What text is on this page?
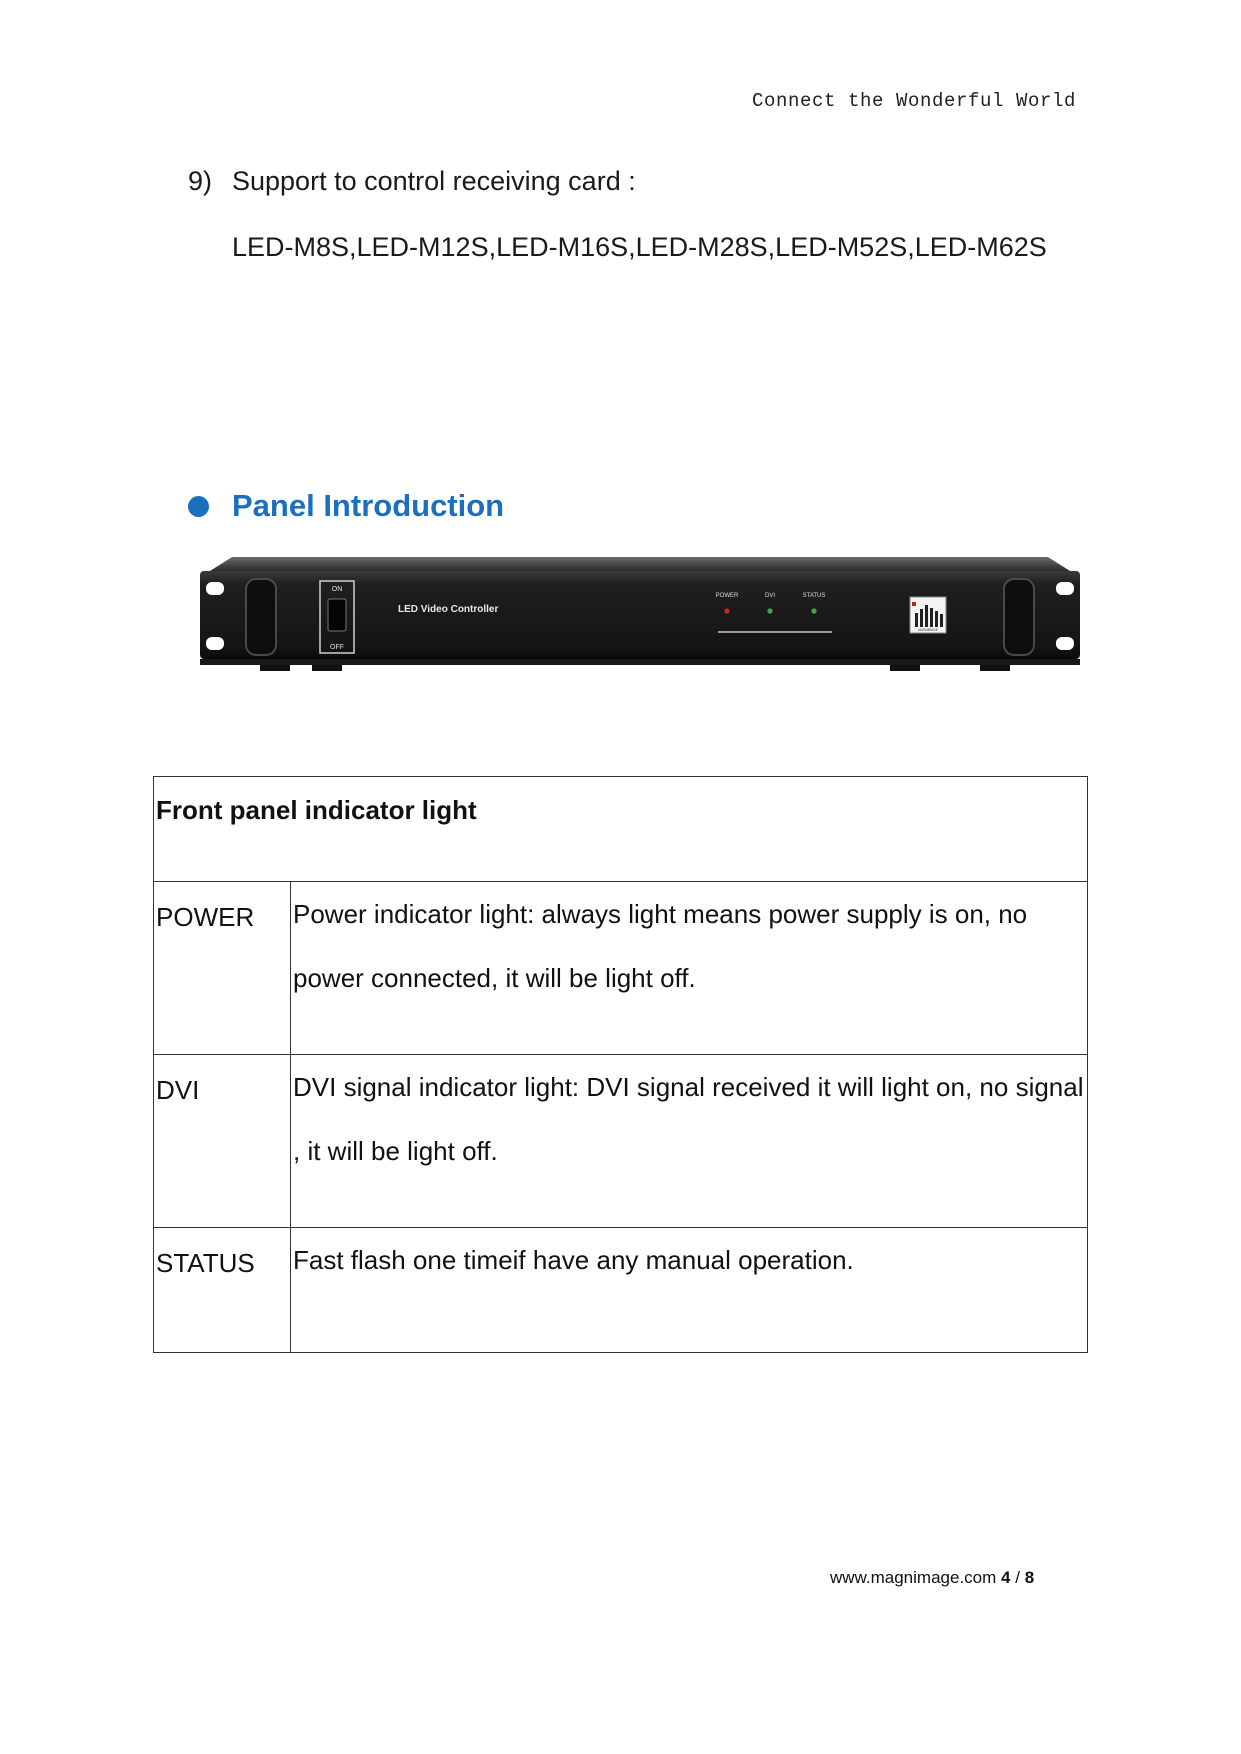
Connect the Wonderful World
9) Support to control receiving card :
LED-M8S,LED-M12S,LED-M16S,LED-M28S,LED-M52S,LED-M62S
Panel Introduction
ON
OFF
LED Video Controller
POWER	DVI	STATUS
MAGNIMAGE
Front panel indicator light	
POWER	Power indicator light: always light means power supply is on, no power connected, it will be light off.
DVI	DVI signal indicator light: DVI signal received it will light on, no signal , it will be light off.
STATUS	Fast flash one timeif have any manual operation.
www.magnimage.com 4 / 8
